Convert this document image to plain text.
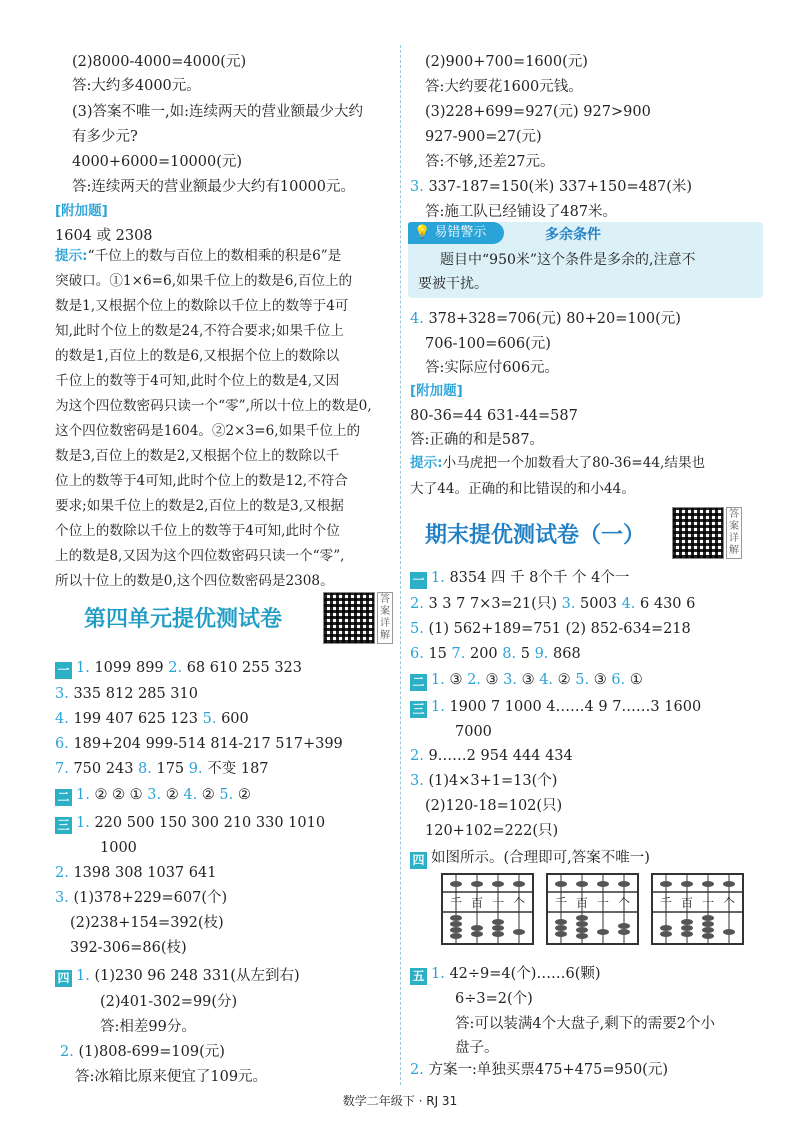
(2)8000-4000=4000(元)
答:大约多4000元。
(3)答案不唯一,如:连续两天的营业额最少大约
有多少元?
4000+6000=10000(元)
答:连续两天的营业额最少大约有10000元。
[附加题]
1604 或 2308
提示:“千位上的数与百位上的数相乘的积是6”是
突破口。①1×6=6,如果千位上的数是6,百位上的
数是1,又根据个位上的数除以千位上的数等于4可
知,此时个位上的数是24,不符合要求;如果千位上
的数是1,百位上的数是6,又根据个位上的数除以
千位上的数等于4可知,此时个位上的数是4,又因
为这个四位数密码只读一个“零”,所以十位上的数是0,
这个四位数密码是1604。②2×3=6,如果千位上的
数是3,百位上的数是2,又根据个位上的数除以千
位上的数等于4可知,此时个位上的数是12,不符合
要求;如果千位上的数是2,百位上的数是3,又根据
个位上的数除以千位上的数等于4可知,此时个位
上的数是8,又因为这个四位数密码只读一个“零”,
所以十位上的数是0,这个四位数密码是2308。
第四单元提优测试卷
答案详解
一 1. 1099 899 2. 68 610 255 323
3. 335 812 285 310
4. 199 407 625 123 5. 600
6. 189+204 999-514 814-217 517+399
7. 750 243 8. 175 9. 不变 187
二 1. ② ② ① 3. ② 4. ② 5. ②
三 1. 220 500 150 300 210 330 1010
1000
2. 1398 308 1037 641
3. (1)378+229=607(个)
(2)238+154=392(枝)
392-306=86(枝)
四 1. (1)230 96 248 331(从左到右)
(2)401-302=99(分)
答:相差99分。
2. (1)808-699=109(元)
答:冰箱比原来便宜了109元。
(2)900+700=1600(元)
答:大约要花1600元钱。
(3)228+699=927(元) 927>900
927-900=27(元)
答:不够,还差27元。
3. 337-187=150(米) 337+150=487(米)
答:施工队已经铺设了487米。
💡 易错警示	多余条件
题目中“950米”这个条件是多余的,注意不
要被干扰。
4. 378+328=706(元) 80+20=100(元)
706-100=606(元)
答:实际应付606元。
[附加题]
80-36=44 631-44=587
答:正确的和是587。
提示:小马虎把一个加数看大了80-36=44,结果也
大了44。正确的和比错误的和小44。
期末提优测试卷（一）
答案详解
一 1. 8354 四 千 8个千 个 4个一
2. 3 3 7 7×3=21(只) 3. 5003 4. 6 430 6
5. (1) 562+189=751 (2) 852-634=218
6. 15 7. 200 8. 5 9. 868
二 1. ③ 2. ③ 3. ③ 4. ② 5. ③ 6. ①
三 1. 1900 7 1000 4……4 9 7……3 1600
7000
2. 9……2 954 444 434
3. (1)4×3+1=13(个)
(2)120-18=102(只)
120+102=222(只)
四 如图所示。(合理即可,答案不唯一)
千 百 十 个 千 百 十 个 千 百 十 个
五 1. 42÷9=4(个)……6(颗)
6÷3=2(个)
答:可以装满4个大盘子,剩下的需要2个小
盘子。
2. 方案一:单独买票475+475=950(元)
数学二年级下 · RJ 31
